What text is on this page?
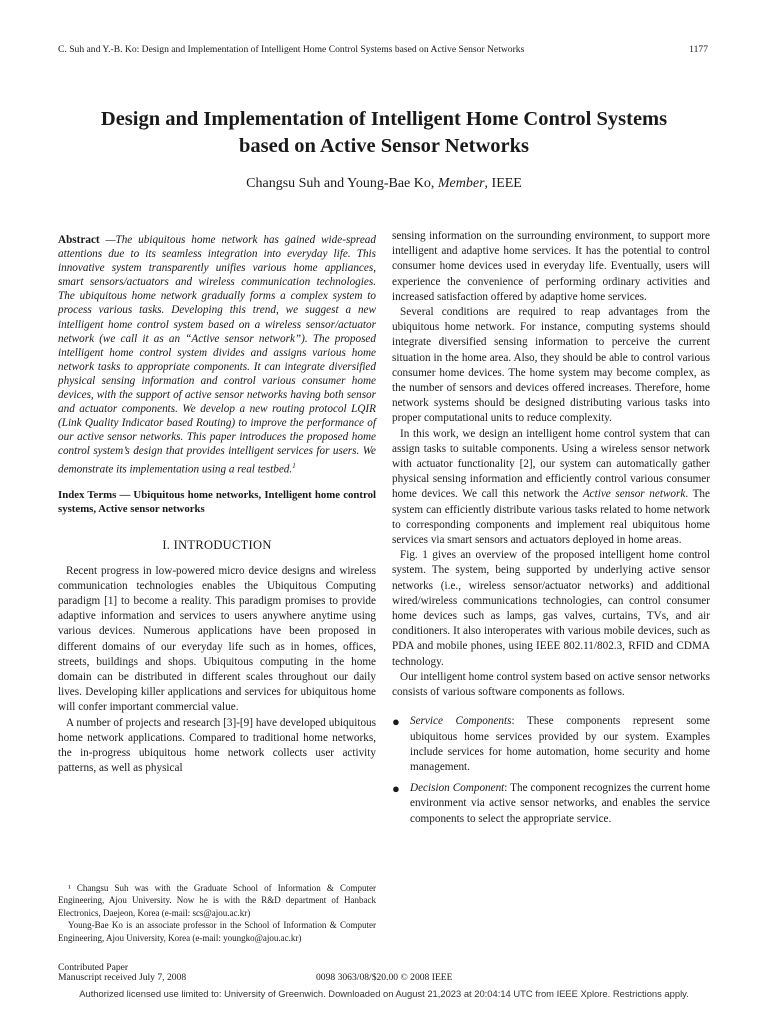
C. Suh and Y.-B. Ko: Design and Implementation of Intelligent Home Control Systems based on Active Sensor Networks	1177
Design and Implementation of Intelligent Home Control Systems
based on Active Sensor Networks
Changsu Suh and Young-Bae Ko, Member, IEEE

Abstract —The ubiquitous home network has gained wide-spread attentions due to its seamless integration into everyday life. This innovative system transparently unifies various home appliances, smart sensors/actuators and wireless communication technologies. The ubiquitous home network gradually forms a complex system to process various tasks. Developing this trend, we suggest a new intelligent home control system based on a wireless sensor/actuator network (we call it as an “Active sensor network”). The proposed intelligent home control system divides and assigns various home network tasks to appropriate components. It can integrate diversified physical sensing information and control various consumer home devices, with the support of active sensor networks having both sensor and actuator components. We develop a new routing protocol LQIR (Link Quality Indicator based Routing) to improve the performance of our active sensor networks. This paper introduces the proposed home control system’s design that provides intelligent services for users. We demonstrate its implementation using a real testbed.$^1$

Index Terms — Ubiquitous home networks, Intelligent home control systems, Active sensor networks

I. INTRODUCTION

Recent progress in low-powered micro device designs and wireless communication technologies enables the Ubiquitous Computing paradigm [1] to become a reality. This paradigm promises to provide adaptive information and services to users anywhere anytime using various devices. Numerous applications have been proposed in different domains of our everyday life such as in homes, offices, streets, buildings and shops. Ubiquitous computing in the home domain can be distributed in different scales throughout our daily lives. Developing killer applications and services for ubiquitous home will confer important commercial value.

A number of projects and research [3]-[9] have developed ubiquitous home network applications. Compared to traditional home networks, the in-progress ubiquitous home network collects user activity patterns, as well as physical

¹ Changsu Suh was with the Graduate School of Information & Computer Engineering, Ajou University. Now he is with the R&D department of Hanback Electronics, Daejeon, Korea (e-mail: scs@ajou.ac.kr)

Young-Bae Ko is an associate professor in the School of Information & Computer Engineering, Ajou University, Korea (e-mail: youngko@ajou.ac.kr)

sensing information on the surrounding environment, to support more intelligent and adaptive home services. It has the potential to control consumer home devices used in everyday life. Eventually, users will experience the convenience of performing ordinary activities and increased satisfaction offered by adaptive home services.

Several conditions are required to reap advantages from the ubiquitous home network. For instance, computing systems should integrate diversified sensing information to perceive the current situation in the home area. Also, they should be able to control various consumer home devices. The home system may become complex, as the number of sensors and devices offered increases. Therefore, home network systems should be designed distributing various tasks into proper computational units to reduce complexity.

In this work, we design an intelligent home control system that can assign tasks to suitable components. Using a wireless sensor network with actuator functionality [2], our system can automatically gather physical sensing information and efficiently control various consumer home devices. We call this network the Active sensor network. The system can efficiently distribute various tasks related to home network to corresponding components and implement real ubiquitous home services via smart sensors and actuators deployed in home areas.

Fig. 1 gives an overview of the proposed intelligent home control system. The system, being supported by underlying active sensor networks (i.e., wireless sensor/actuator networks) and additional wired/wireless communications technologies, can control consumer home devices such as lamps, gas valves, curtains, TVs, and air conditioners. It also interoperates with various mobile devices, such as PDA and mobile phones, using IEEE 802.11/802.3, RFID and CDMA technology.

Our intelligent home control system based on active sensor networks consists of various software components as follows.

● Service Components: These components represent some ubiquitous home services provided by our system. Examples include services for home automation, home security and home management.
● Decision Component: The component recognizes the current home environment via active sensor networks, and enables the service components to select the appropriate service.
Contributed Paper
Manuscript received July 7, 2008	0098 3063/08/$20.00 © 2008 IEEE
Authorized licensed use limited to: University of Greenwich. Downloaded on August 21,2023 at 20:04:14 UTC from IEEE Xplore. Restrictions apply.
